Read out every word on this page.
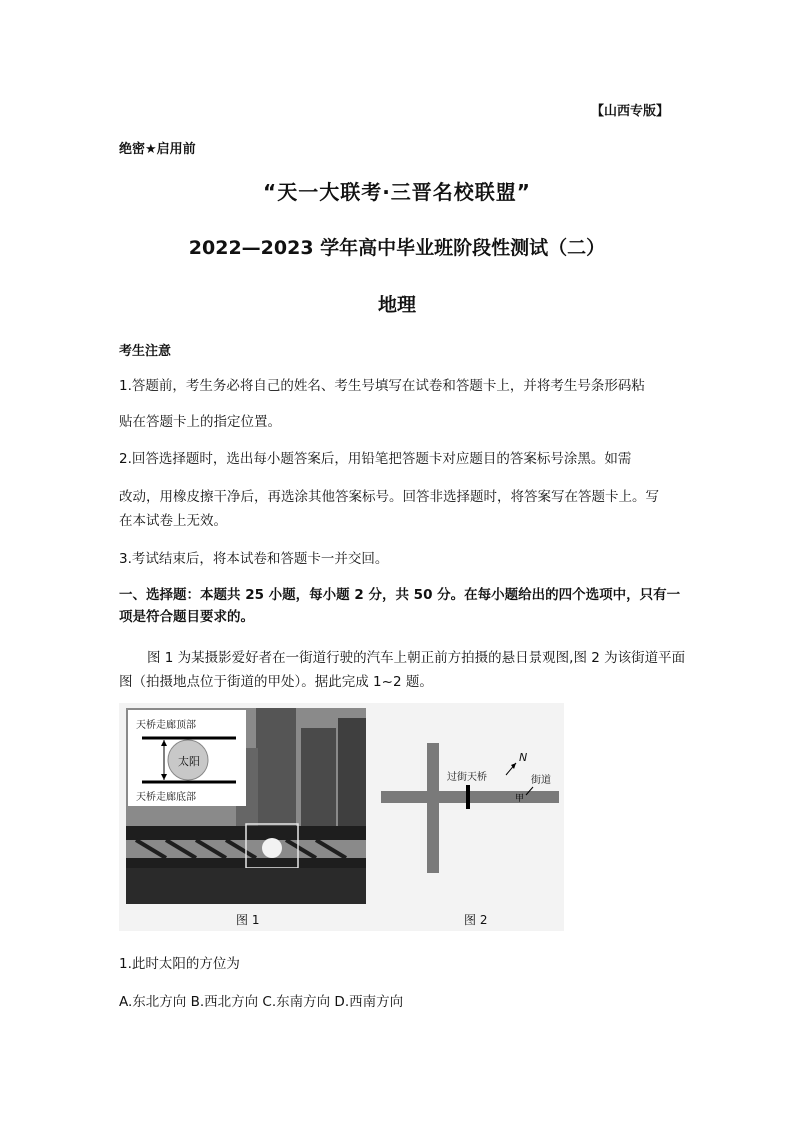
【山西专版】
绝密★启用前
“天一大联考·三晋名校联盟”
2022—2023 学年高中毕业班阶段性测试（二）
地理
考生注意
1.答题前，考生务必将自己的姓名、考生号填写在试卷和答题卡上，并将考生号条形码粘
贴在答题卡上的指定位置。
2.回答选择题时，选出每小题答案后，用铅笔把答题卡对应题目的答案标号涂黑。如需
改动，用橡皮擦干净后，再选涂其他答案标号。回答非选择题时，将答案写在答题卡上。写
在本试卷上无效。
3.考试结束后，将本试卷和答题卡一并交回。
一、选择题：本题共 25 小题，每小题 2 分，共 50 分。在每小题给出的四个选项中，只有一项是符合题目要求的。
图 1 为某摄影爱好者在一街道行驶的汽车上朝正前方拍摄的悬日景观图,图 2 为该街道平面图（拍摄地点位于街道的甲处）。据此完成 1~2 题。
天桥走廊顶部
太阳
天桥走廊底部
N
过街天桥	街道
甲
图 1	图 2
1.此时太阳的方位为
A.东北方向 B.西北方向 C.东南方向 D.西南方向
